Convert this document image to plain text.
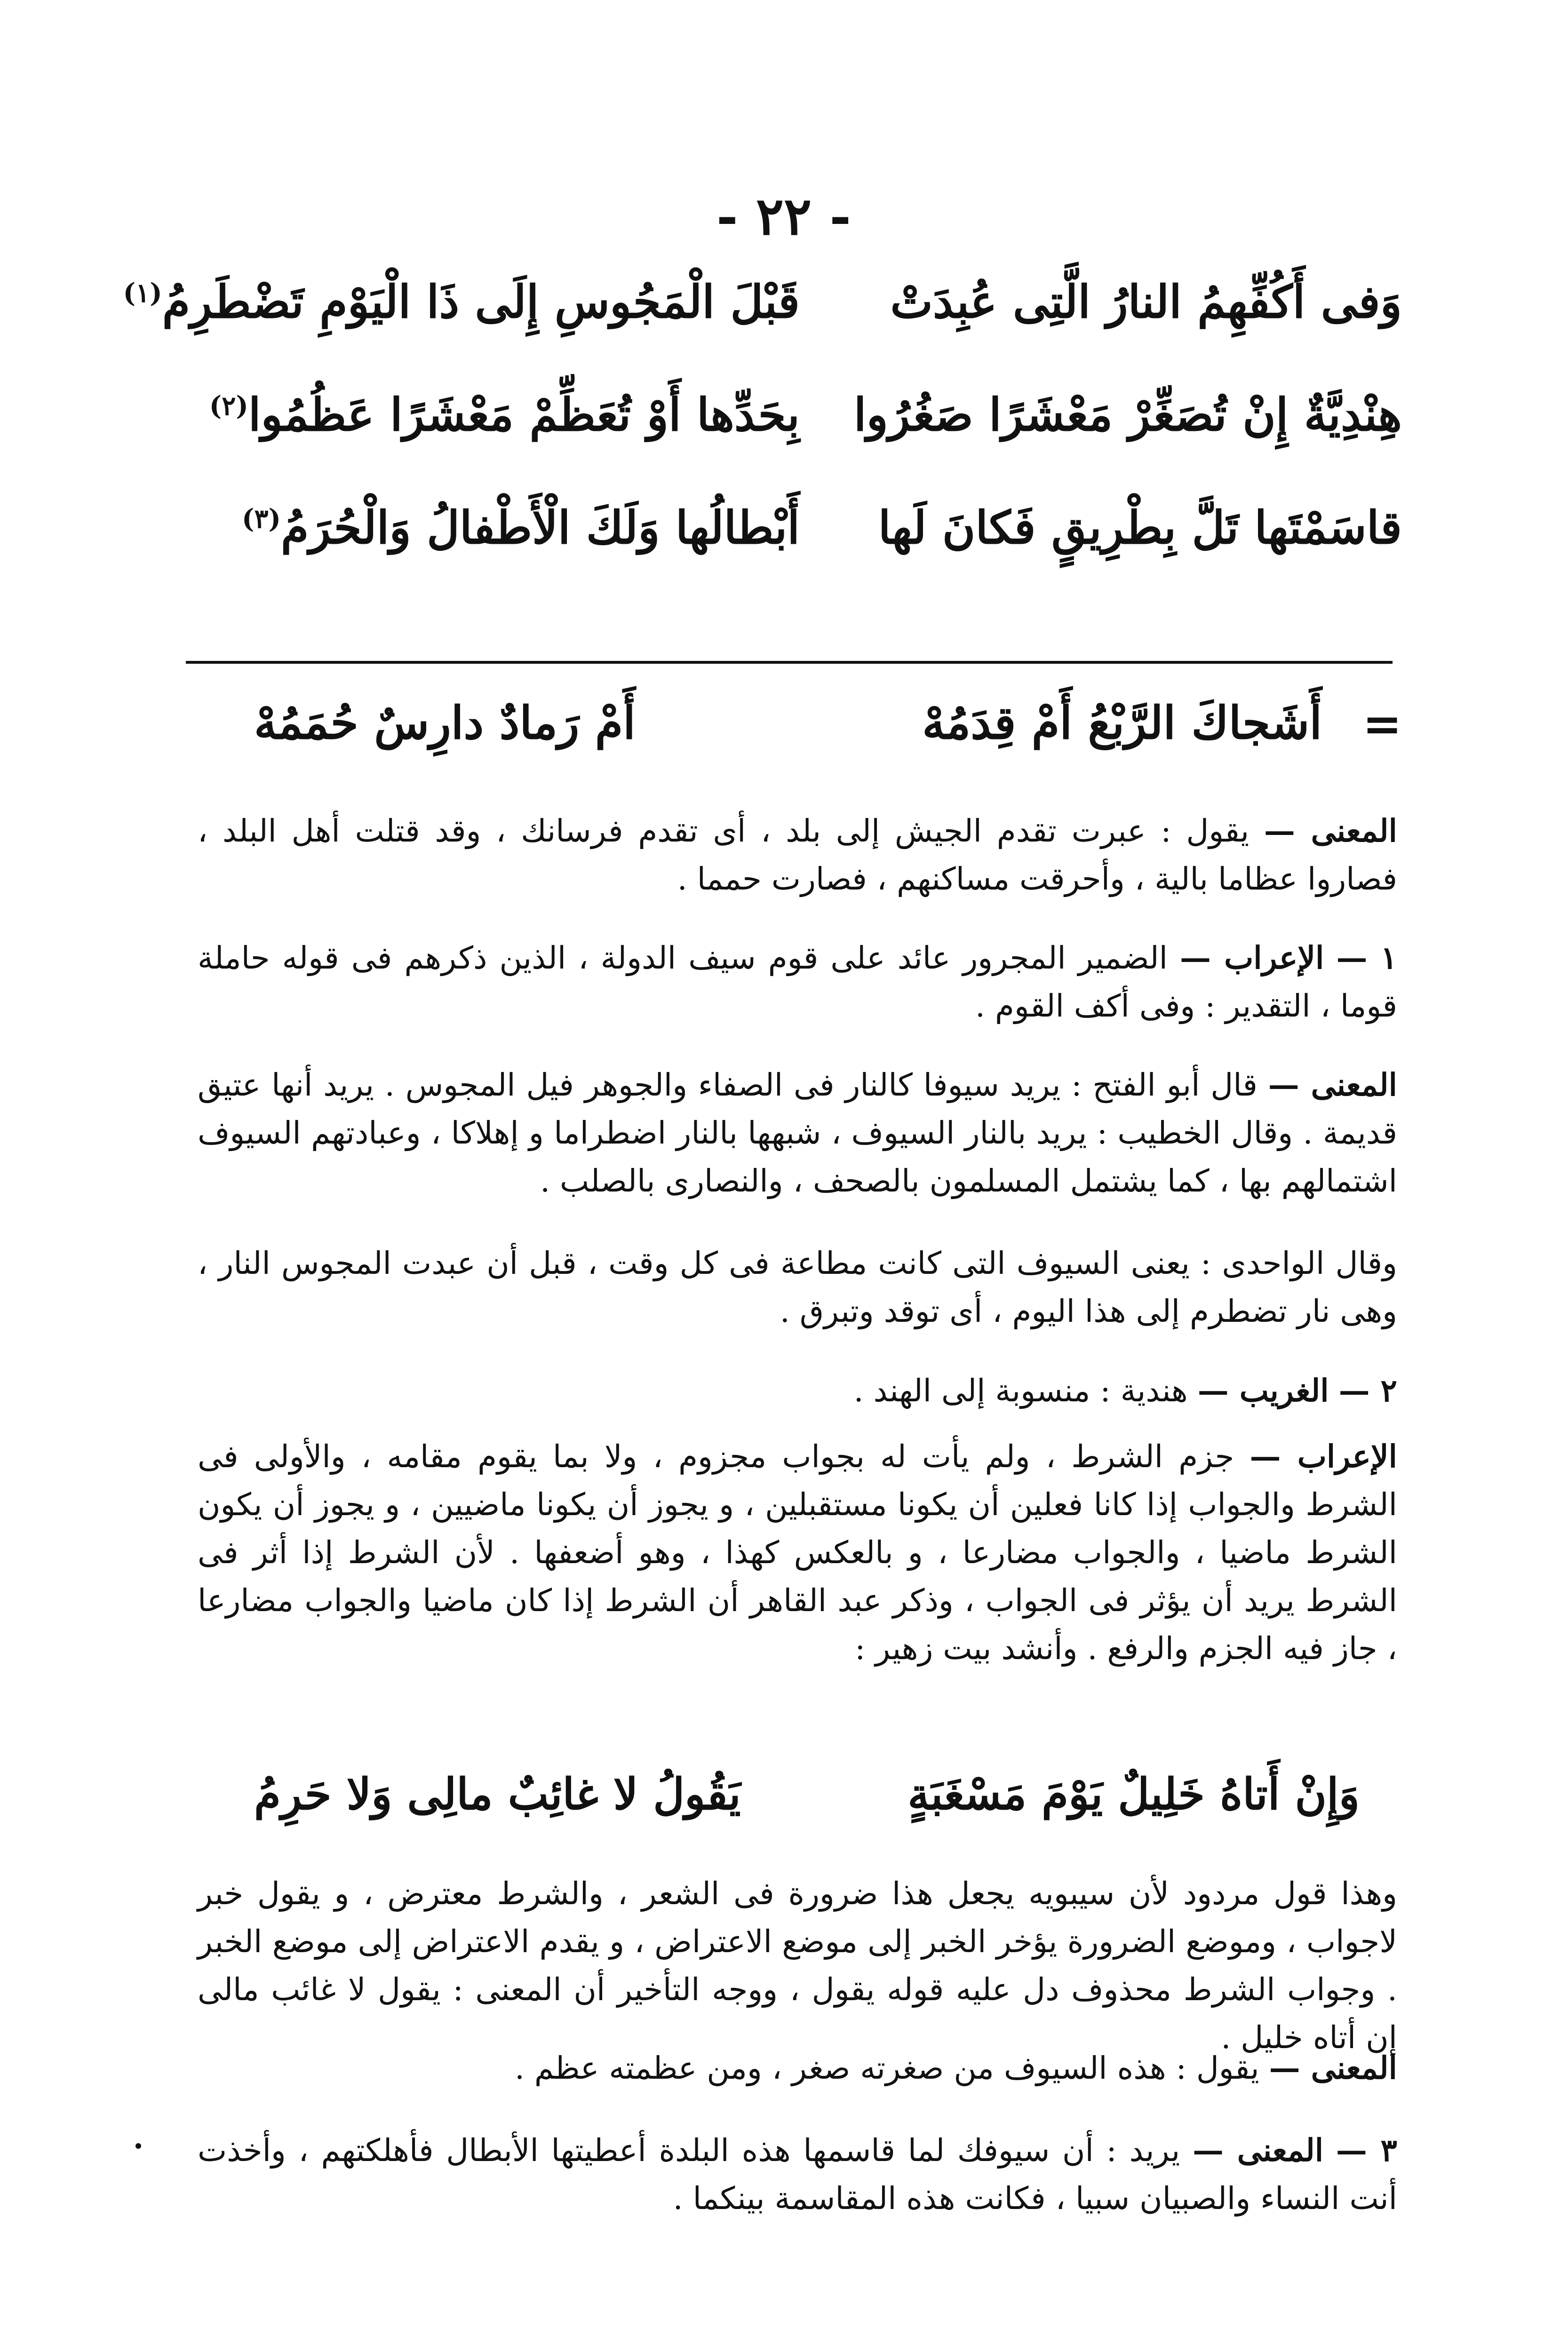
- ٢٢ -
وَفى أَكُفِّهِمُ النارُ الَّتِى عُبِدَتْ
قَبْلَ الْمَجُوسِ إِلَى ذَا الْيَوْمِ تَضْطَرِمُ$^{(١)}$
هِنْدِيَّةٌ إِنْ تُصَغِّرْ مَعْشَرًا صَغُرُوا
بِحَدِّها أَوْ تُعَظِّمْ مَعْشَرًا عَظُمُوا$^{(٢)}$
قاسَمْتَها تَلَّ بِطْرِيقٍ فَكانَ لَها
أَبْطالُها وَلَكَ الْأَطْفالُ وَالْحُرَمُ$^{(٣)}$
=
أَشَجاكَ الرَّبْعُ أَمْ قِدَمُهْ
أَمْ رَمادٌ دارِسٌ حُمَمُهْ
المعنى — يقول : عبرت تقدم الجيش إلى بلد ، أى تقدم فرسانك ، وقد قتلت أهل البلد ، فصاروا عظاما بالية ، وأحرقت مساكنهم ، فصارت حمما .
١ — الإعراب — الضمير المجرور عائد على قوم سيف الدولة ، الذين ذكرهم فى قوله حاملة قوما ، التقدير : وفى أكف القوم .
المعنى — قال أبو الفتح : يريد سيوفا كالنار فى الصفاء والجوهر فيل المجوس . يريد أنها عتيق قديمة . وقال الخطيب : يريد بالنار السيوف ، شبهها بالنار اضطراما و إهلاكا ، وعبادتهم السيوف اشتمالهم بها ، كما يشتمل المسلمون بالصحف ، والنصارى بالصلب .
وقال الواحدى : يعنى السيوف التى كانت مطاعة فى كل وقت ، قبل أن عبدت المجوس النار ، وهى نار تضطرم إلى هذا اليوم ، أى توقد وتبرق .
٢ — الغريب — هندية : منسوبة إلى الهند .
الإعراب — جزم الشرط ، ولم يأت له بجواب مجزوم ، ولا بما يقوم مقامه ، والأولى فى الشرط والجواب إذا كانا فعلين أن يكونا مستقبلين ، و يجوز أن يكونا ماضيين ، و يجوز أن يكون الشرط ماضيا ، والجواب مضارعا ، و بالعكس كهذا ، وهو أضعفها . لأن الشرط إذا أثر فى الشرط يريد أن يؤثر فى الجواب ، وذكر عبد القاهر أن الشرط إذا كان ماضيا والجواب مضارعا ، جاز فيه الجزم والرفع . وأنشد بيت زهير :
وَإِنْ أَتاهُ خَلِيلٌ يَوْمَ مَسْغَبَةٍ
يَقُولُ لا غائِبٌ مالِى وَلا حَرِمُ
وهذا قول مردود لأن سيبويه يجعل هذا ضرورة فى الشعر ، والشرط معترض ، و يقول خبر لاجواب ، وموضع الضرورة يؤخر الخبر إلى موضع الاعتراض ، و يقدم الاعتراض إلى موضع الخبر . وجواب الشرط محذوف دل عليه قوله يقول ، ووجه التأخير أن المعنى : يقول لا غائب مالى إن أتاه خليل .
المعنى — يقول : هذه السيوف من صغرته صغر ، ومن عظمته عظم .
٣ — المعنى — يريد : أن سيوفك لما قاسمها هذه البلدة أعطيتها الأبطال فأهلكتهم ، وأخذت أنت النساء والصبيان سبيا ، فكانت هذه المقاسمة بينكما .
